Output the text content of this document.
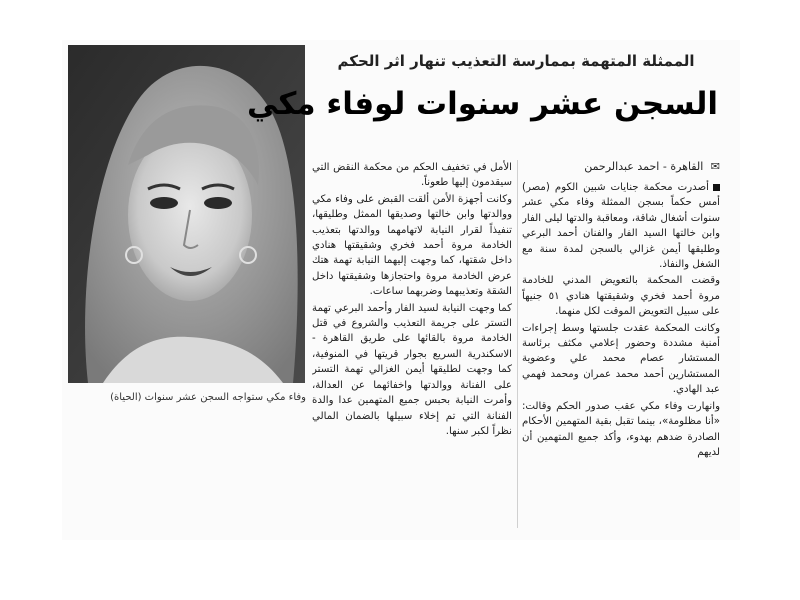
وفاء مكي ستواجه السجن عشر سنوات (الحياة)
الممثلة المتهمة بممارسة التعذيب تنهار اثر الحكم
السجن عشر سنوات لوفاء مكي
✉ القاهرة - احمد عبدالرحمن

أصدرت محكمة جنايات شبين الكوم (مصر) أمس حكماً بسجن الممثلة وفاء مكي عشر سنوات أشغال شاقة، ومعاقبة والدتها ليلى الفار وابن خالتها السيد الفار والفنان أحمد البرعي وطليقها أيمن غزالي بالسجن لمدة سنة مع الشغل والنفاذ.

وقضت المحكمة بالتعويض المدني للخادمة مروة أحمد فخري وشقيقتها هنادي ٥١ جنيهاً على سبيل التعويض الموقت لكل منهما.

وكانت المحكمة عقدت جلستها وسط إجراءات أمنية مشددة وحضور إعلامي مكثف برئاسة المستشار عصام محمد علي وعضوية المستشارين أحمد محمد عمران ومحمد فهمي عبد الهادي.

وانهارت وفاء مكي عقب صدور الحكم وقالت: «أنا مظلومة»، بينما تقبل بقية المتهمين الأحكام الصادرة ضدهم بهدوء، وأكد جميع المتهمين أن لديهم

الأمل في تخفيف الحكم من محكمة النقض التي سيقدمون إليها طعوناً.

وكانت أجهزة الأمن ألقت القبض على وفاء مكي ووالدتها وابن خالتها وصديقها الممثل وطليقها، تنفيذاً لقرار النيابة لاتهامهما ووالدتها بتعذيب الخادمة مروة أحمد فخري وشقيقتها هنادي داخل شقتها، كما وجهت إليهما النيابة تهمة هتك عرض الخادمة مروة واحتجازها وشقيقتها داخل الشقة وتعذيبهما وضربهما ساعات.

كما وجهت النيابة لسيد الفار وأحمد البرعي تهمة التستر على جريمة التعذيب والشروع في قتل الخادمة مروة بالقائها على طريق القاهرة - الاسكندرية السريع بجوار قريتها في المنوفية، كما وجهت لطليقها أيمن الغزالي تهمة التستر على الفنانة ووالدتها واخفائهما عن العدالة، وأمرت النيابة بحبس جميع المتهمين عدا والدة الفنانة التي تم إخلاء سبيلها بالضمان المالي نظراً لكبر سنها.
